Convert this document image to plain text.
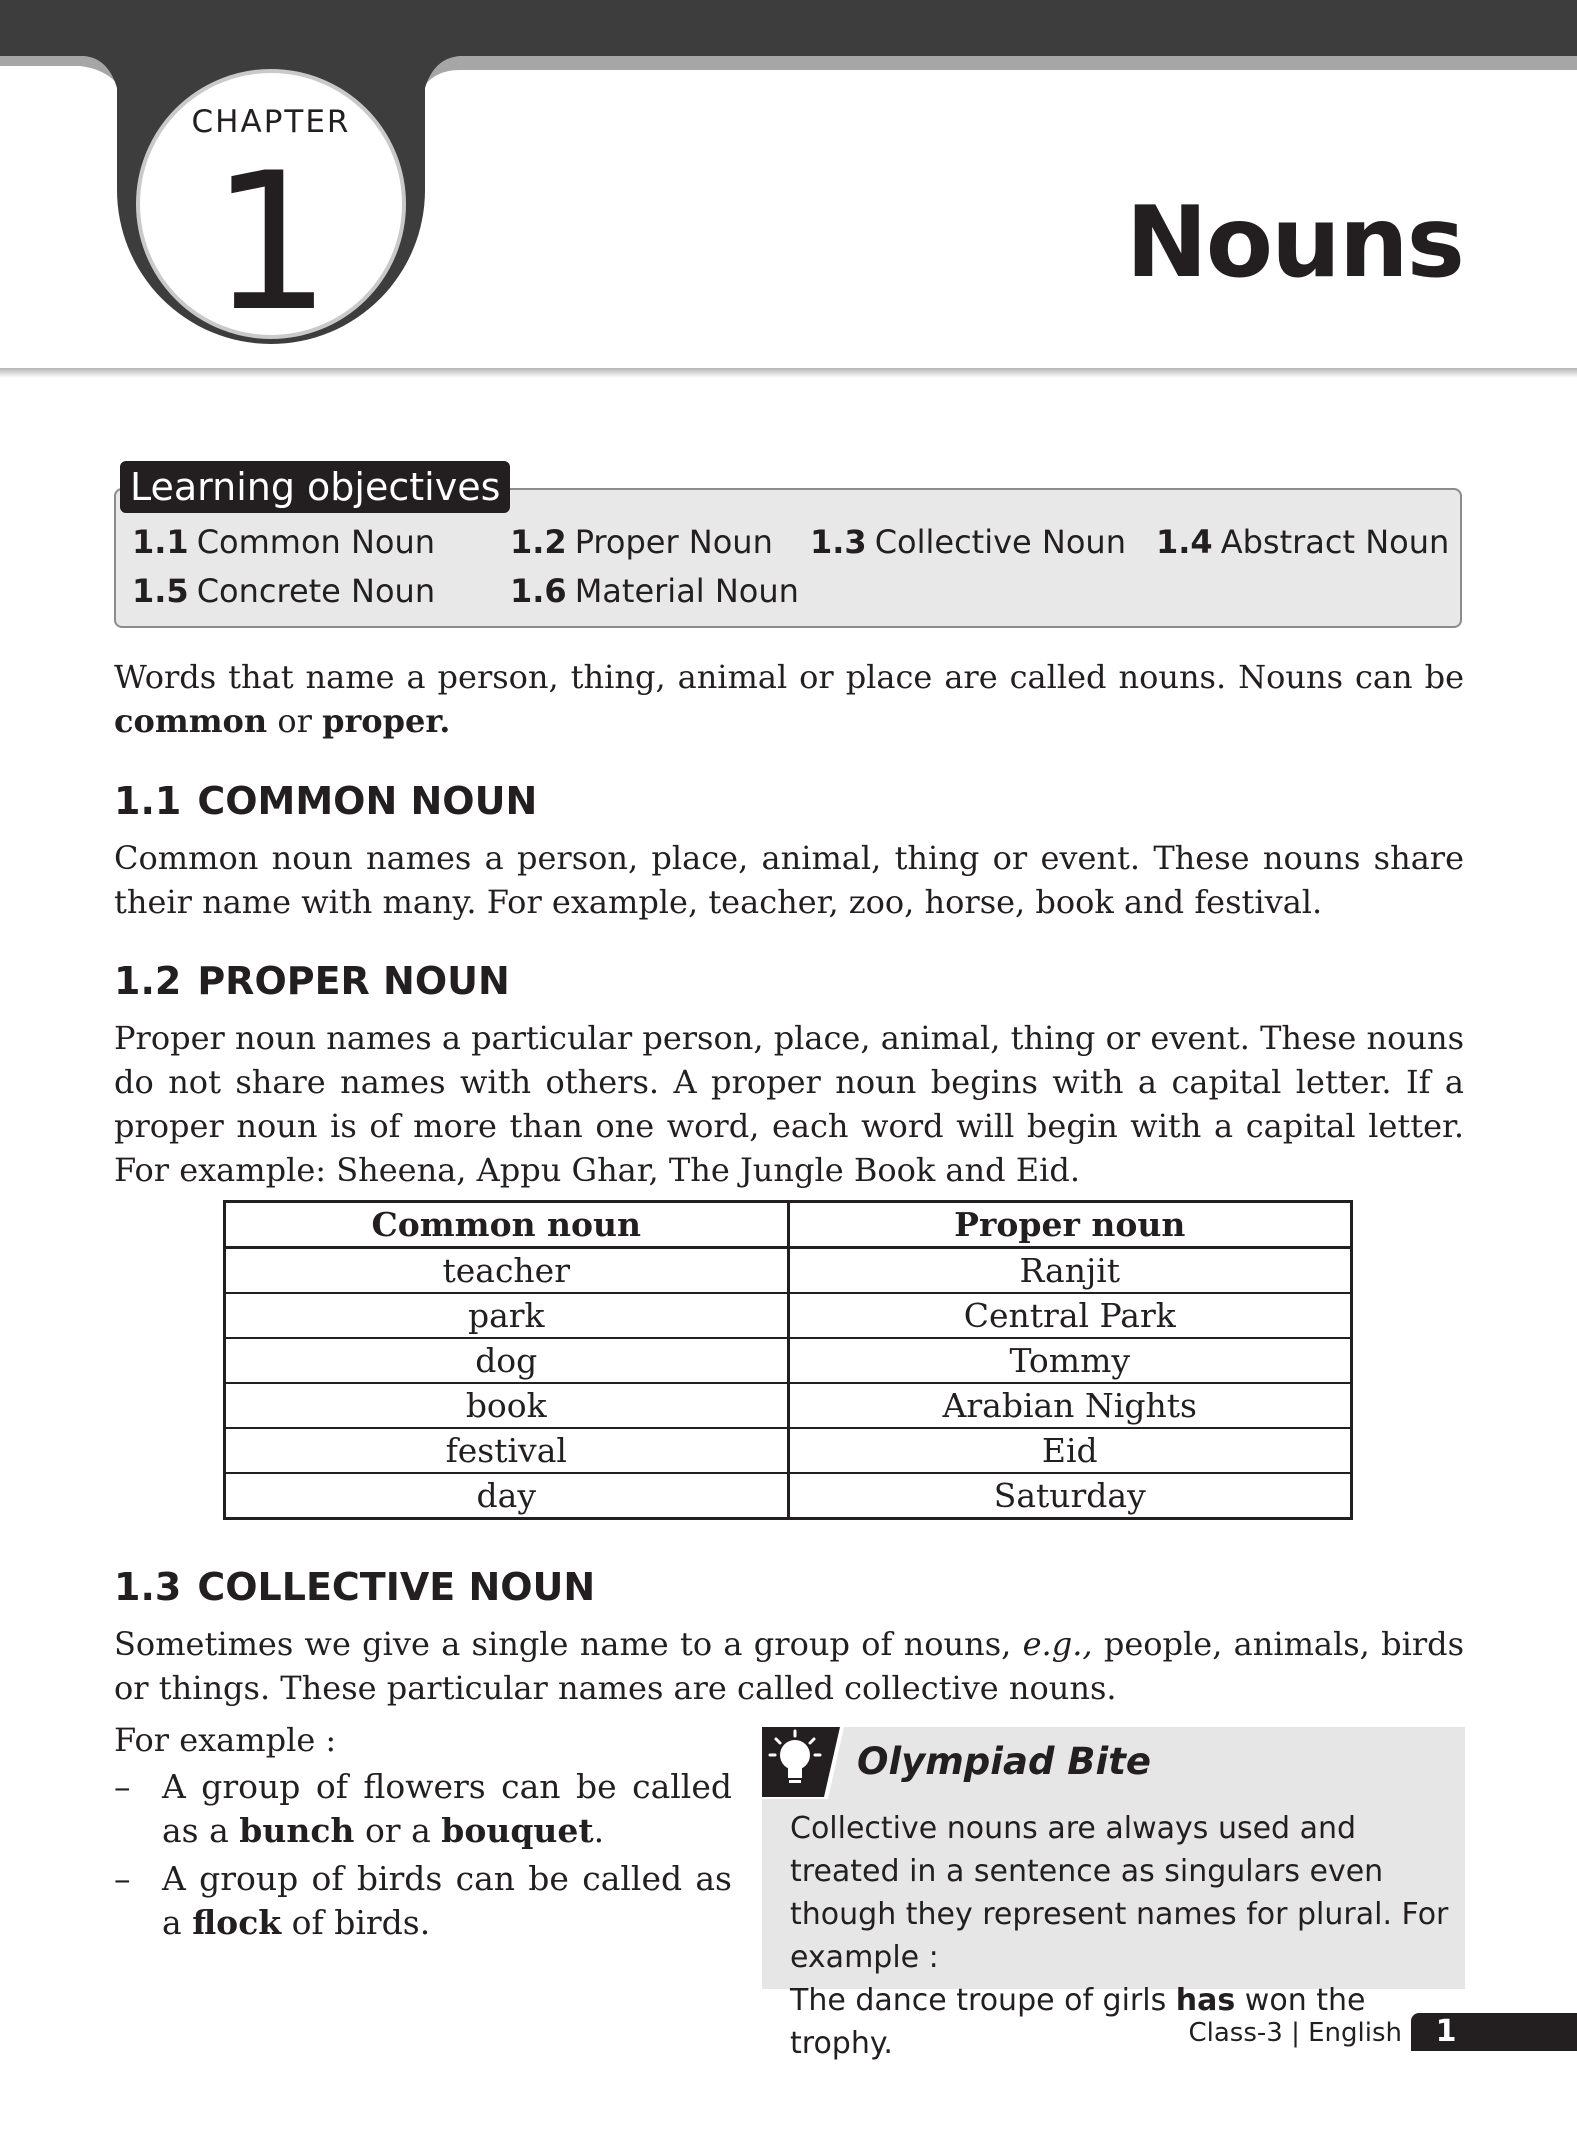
CHAPTER
1	Nouns
Learning objectives
1.1 Common Noun 1.2 Proper Noun 1.3 Collective Noun 1.4 Abstract Noun
1.5 Concrete Noun 1.6 Material Noun
Words that name a person, thing, animal or place are called nouns. Nouns can be common or proper.
1.1 COMMON NOUN
Common noun names a person, place, animal, thing or event. These nouns share their name with many. For example, teacher, zoo, horse, book and festival.
1.2 PROPER NOUN
Proper noun names a particular person, place, animal, thing or event. These nouns do not share names with others. A proper noun begins with a capital letter. If a proper noun is of more than one word, each word will begin with a capital letter. For example: Sheena, Appu Ghar, The Jungle Book and Eid.
Common noun	Proper noun
teacher	Ranjit
park	Central Park
dog	Tommy
book	Arabian Nights
festival	Eid
day	Saturday
1.3 COLLECTIVE NOUN
Sometimes we give a single name to a group of nouns, e.g., people, animals, birds or things. These particular names are called collective nouns.
For example :
– A group of flowers can be called as a bunch or a bouquet.
– A group of birds can be called as a flock of birds.
Olympiad Bite
Collective nouns are always used and treated in a sentence as singulars even though they represent names for plural. For example :
The dance troupe of girls has won the trophy.	Class-3 | English	1
